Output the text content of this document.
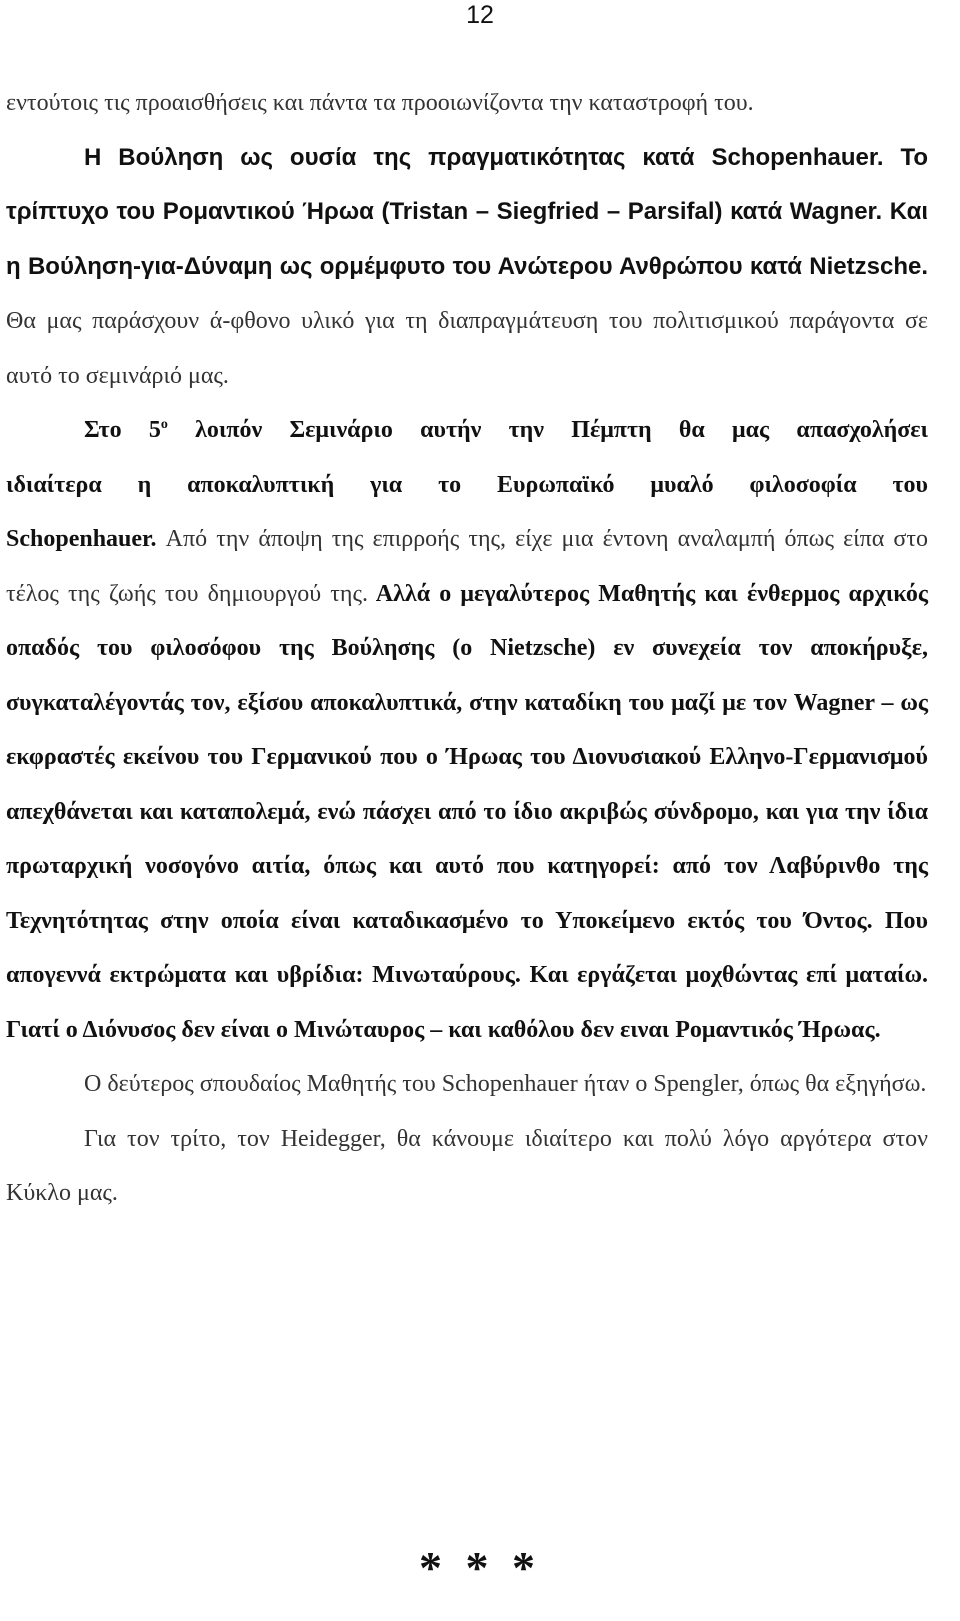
12

εντούτοις τις προαισθήσεις και πάντα τα προοιωνίζοντα την καταστροφή του.

Η Βούληση ως ουσία της πραγματικότητας κατά Schopenhauer. Το τρίπτυχο του Ρομαντικού Ήρωα (Tristan – Siegfried – Parsifal) κατά Wagner. Και η Βούληση-για-Δύναμη ως ορμέμφυτο του Ανώτερου Ανθρώπου κατά Nietzsche. Θα μας παράσχουν ά-φθονο υλικό για τη διαπραγμάτευση του πολιτισμικού παράγοντα σε αυτό το σεμινάριό μας.

Στο $5^o$ λοιπόν Σεμινάριο αυτήν την Πέμπτη θα μας απασχολήσει ιδιαίτερα η αποκαλυπτική για το Ευρωπαϊκό μυαλό φιλοσοφία του Schopenhauer. Από την άποψη της επιρροής της, είχε μια έντονη αναλαμπή όπως είπα στο τέλος της ζωής του δημιουργού της. Αλλά ο μεγαλύτερος Μαθητής και ένθερμος αρχικός οπαδός του φιλοσόφου της Βούλησης (ο Nietzsche) εν συνεχεία τον αποκήρυξε, συγκαταλέγοντάς τον, εξίσου αποκαλυπτικά, στην καταδίκη του μαζί με τον Wagner – ως εκφραστές εκείνου του Γερμανικού που ο Ήρωας του Διονυσιακού Ελληνο-Γερμανισμού απεχθάνεται και καταπολεμά, ενώ πάσχει από το ίδιο ακριβώς σύνδρομο, και για την ίδια πρωταρχική νοσογόνο αιτία, όπως και αυτό που κατηγορεί: από τον Λαβύρινθο της Τεχνητότητας στην οποία είναι καταδικασμένο το Υποκείμενο εκτός του Όντος. Που απογεννά εκτρώματα και υβρίδια: Μινωταύρους. Και εργάζεται μοχθώντας επί ματαίω. Γιατί ο Διόνυσος δεν είναι ο Μινώταυρος – και καθόλου δεν ειναι Ρομαντικός Ήρωας.

Ο δεύτερος σπουδαίος Μαθητής του Schopenhauer ήταν ο Spengler, όπως θα εξηγήσω.

Για τον τρίτο, τον Heidegger, θα κάνουμε ιδιαίτερο και πολύ λόγο αργότερα στον Κύκλο μας.

* * *
